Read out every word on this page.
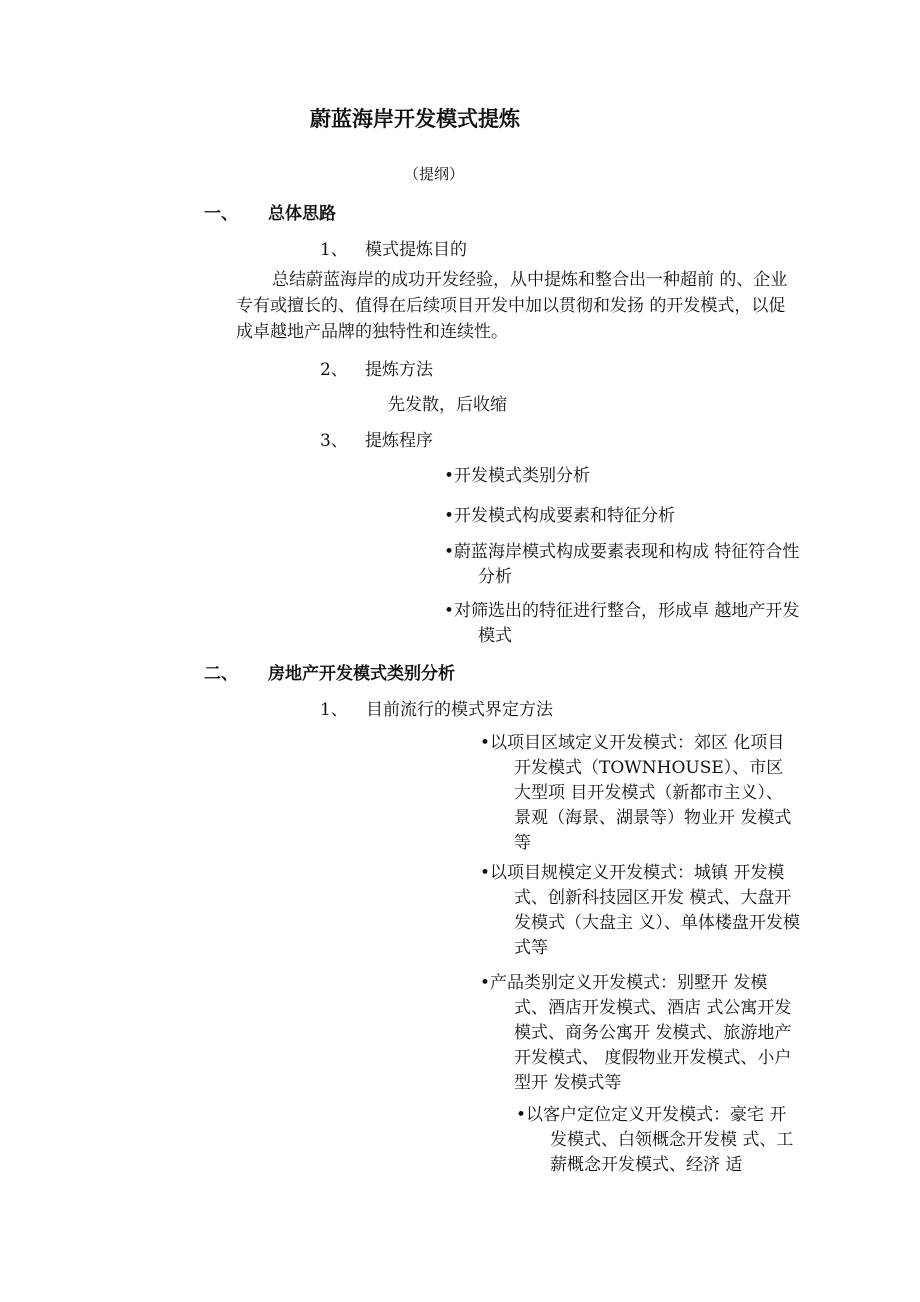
蔚蓝海岸开发模式提炼
（提纲）
一、 总体思路
1、 模式提炼目的
总结蔚蓝海岸的成功开发经验，从中提炼和整合出一种超前 的、企业专有或擅长的、值得在后续项目开发中加以贯彻和发扬 的开发模式，以促成卓越地产品牌的独特性和连续性。
2、 提炼方法
先发散，后收缩
3、 提炼程序
•开发模式类别分析
•开发模式构成要素和特征分析
•蔚蓝海岸模式构成要素表现和构成 特征符合性分析
•对筛选出的特征进行整合，形成卓 越地产开发模式
二、 房地产开发模式类别分析
1、 目前流行的模式界定方法
•以项目区域定义开发模式：郊区 化项目开发模式（TOWNHOUSE）、市区大型项 目开发模式（新都市主义）、 景观（海景、湖景等）物业开 发模式等
•以项目规模定义开发模式：城镇 开发模式、创新科技园区开发 模式、大盘开发模式（大盘主 义）、单体楼盘开发模式等
•产品类别定义开发模式：别墅开 发模式、酒店开发模式、酒店 式公寓开发模式、商务公寓开 发模式、旅游地产开发模式、 度假物业开发模式、小户型开 发模式等
•以客户定位定义开发模式：豪宅 开发模式、白领概念开发模 式、工薪概念开发模式、经济 适
